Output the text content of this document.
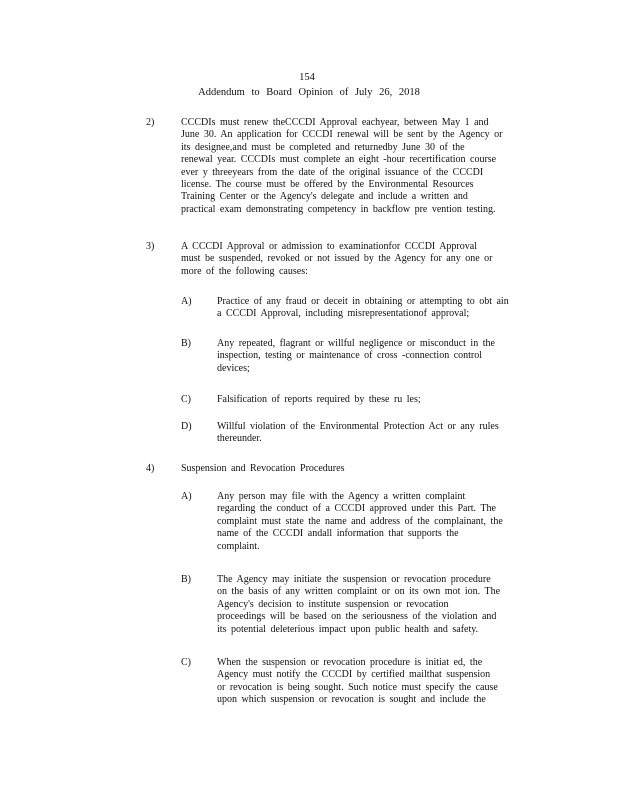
154
Addendum to Board Opinion of July 26, 2018
2)	CCCDIs must renew theCCCDI Approval eachyear, between May 1 and
June 30. An application for CCCDI renewal will be sent by the Agency or
its designee,and must be completed and returnedby June 30 of the
renewal year. CCCDIs must complete an eight -hour recertification course
ever y threeyears from the date of the original issuance of the CCCDI
license. The course must be offered by the Environmental Resources
Training Center or the Agency's delegate and include a written and
practical exam demonstrating competency in backflow pre vention testing.
3)	A CCCDI Approval or admission to examinationfor CCCDI Approval
must be suspended, revoked or not issued by the Agency for any one or
more of the following causes:
A)	Practice of any fraud or deceit in obtaining or attempting to obt ain
a CCCDI Approval, including misrepresentationof approval;
B)	Any repeated, flagrant or willful negligence or misconduct in the
inspection, testing or maintenance of cross -connection control
devices;
C)	Falsification of reports required by these ru les;
D)	Willful violation of the Environmental Protection Act or any rules
thereunder.
4)	Suspension and Revocation Procedures
A)	Any person may file with the Agency a written complaint
regarding the conduct of a CCCDI approved under this Part. The
complaint must state the name and address of the complainant, the
name of the CCCDI andall information that supports the
complaint.
B)	The Agency may initiate the suspension or revocation procedure
on the basis of any written complaint or on its own mot ion. The
Agency's decision to institute suspension or revocation
proceedings will be based on the seriousness of the violation and
its potential deleterious impact upon public health and safety.
C)	When the suspension or revocation procedure is initiat ed, the
Agency must notify the CCCDI by certified mailthat suspension
or revocation is being sought. Such notice must specify the cause
upon which suspension or revocation is sought and include the
